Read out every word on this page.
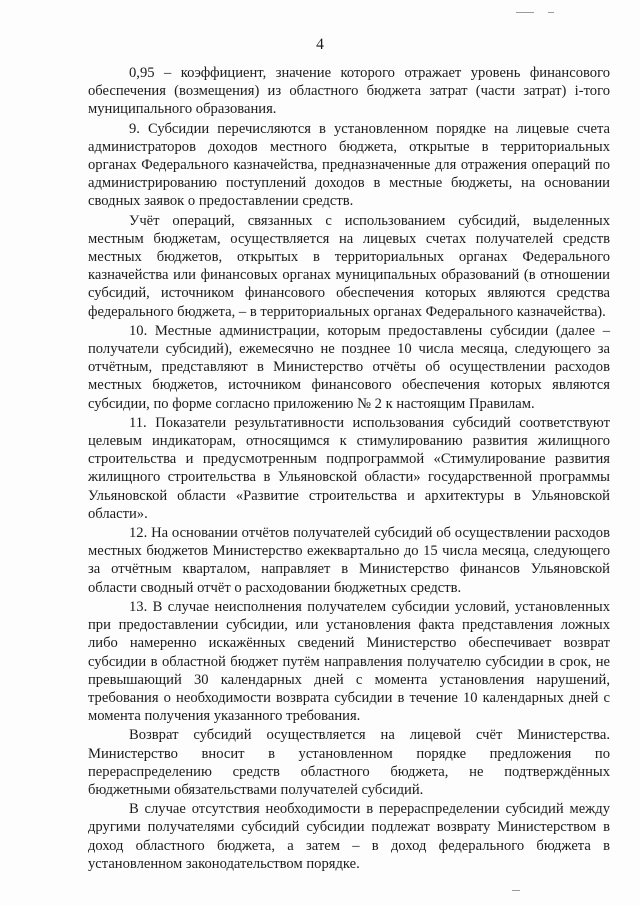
4

0,95 – коэффициент, значение которого отражает уровень финансового обеспечения (возмещения) из областного бюджета затрат (части затрат) i-того муниципального образования.

9. Субсидии перечисляются в установленном порядке на лицевые счета администраторов доходов местного бюджета, открытые в территориальных органах Федерального казначейства, предназначенные для отражения операций по администрированию поступлений доходов в местные бюджеты, на основании сводных заявок о предоставлении средств.

Учёт операций, связанных с использованием субсидий, выделенных местным бюджетам, осуществляется на лицевых счетах получателей средств местных бюджетов, открытых в территориальных органах Федерального казначейства или финансовых органах муниципальных образований (в отношении субсидий, источником финансового обеспечения которых являются средства федерального бюджета, – в территориальных органах Федерального казначейства).

10. Местные администрации, которым предоставлены субсидии (далее – получатели субсидий), ежемесячно не позднее 10 числа месяца, следующего за отчётным, представляют в Министерство отчёты об осуществлении расходов местных бюджетов, источником финансового обеспечения которых являются субсидии, по форме согласно приложению № 2 к настоящим Правилам.

11. Показатели результативности использования субсидий соответствуют целевым индикаторам, относящимся к стимулированию развития жилищного строительства и предусмотренным подпрограммой «Стимулирование развития жилищного строительства в Ульяновской области» государственной программы Ульяновской области «Развитие строительства и архитектуры в Ульяновской области».

12. На основании отчётов получателей субсидий об осуществлении расходов местных бюджетов Министерство ежеквартально до 15 числа месяца, следующего за отчётным кварталом, направляет в Министерство финансов Ульяновской области сводный отчёт о расходовании бюджетных средств.

13. В случае неисполнения получателем субсидии условий, установленных при предоставлении субсидии, или установления факта представления ложных либо намеренно искажённых сведений Министерство обеспечивает возврат субсидии в областной бюджет путём направления получателю субсидии в срок, не превышающий 30 календарных дней с момента установления нарушений, требования о необходимости возврата субсидии в течение 10 календарных дней с момента получения указанного требования.

Возврат субсидий осуществляется на лицевой счёт Министерства. Министерство вносит в установленном порядке предложения по перераспределению средств областного бюджета, не подтверждённых бюджетными обязательствами получателей субсидий.

В случае отсутствия необходимости в перераспределении субсидий между другими получателями субсидий субсидии подлежат возврату Министерством в доход областного бюджета, а затем – в доход федерального бюджета в установленном законодательством порядке.
